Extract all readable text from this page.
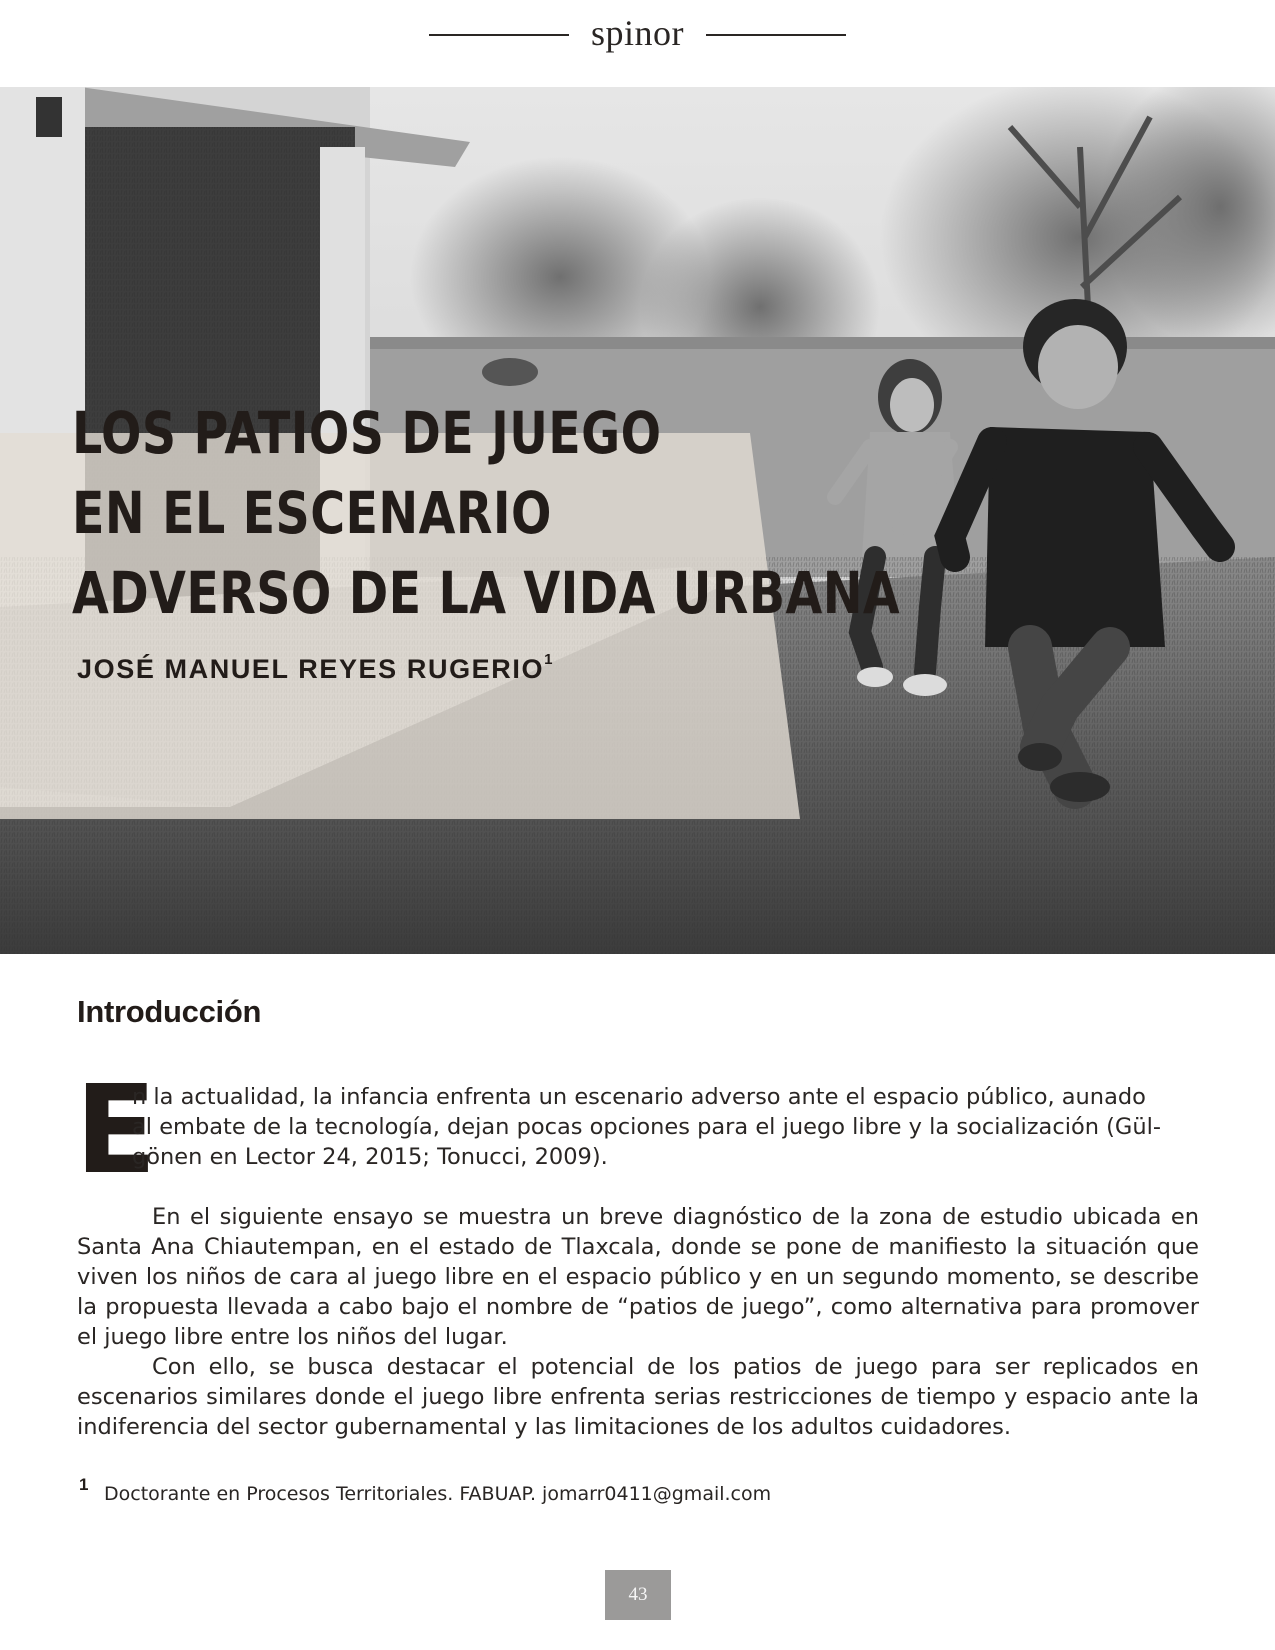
spinor
LOS PATIOS DE JUEGO
EN EL ESCENARIO
ADVERSO DE LA VIDA URBANA
JOSÉ MANUEL REYES RUGERIO$^1$
Introducción
E

n la actualidad, la infancia enfrenta un escenario adverso ante el espacio público, aunado al embate de la tecnología, dejan pocas opciones para el juego libre y la socialización (Gül-gönen en Lector 24, 2015; Tonucci, 2009).

En el siguiente ensayo se muestra un breve diagnóstico de la zona de estudio ubicada en Santa Ana Chiautempan, en el estado de Tlaxcala, donde se pone de manifiesto la situación que viven los niños de cara al juego libre en el espacio público y en un segundo momento, se describe la propuesta llevada a cabo bajo el nombre de “patios de juego”, como alternativa para promover el juego libre entre los niños del lugar.

Con ello, se busca destacar el potencial de los patios de juego para ser replicados en escenarios similares donde el juego libre enfrenta serias restricciones de tiempo y espacio ante la indiferencia del sector gubernamental y las limitaciones de los adultos cuidadores.

1 Doctorante en Procesos Territoriales. FABUAP. jomarr0411@gmail.com
43
